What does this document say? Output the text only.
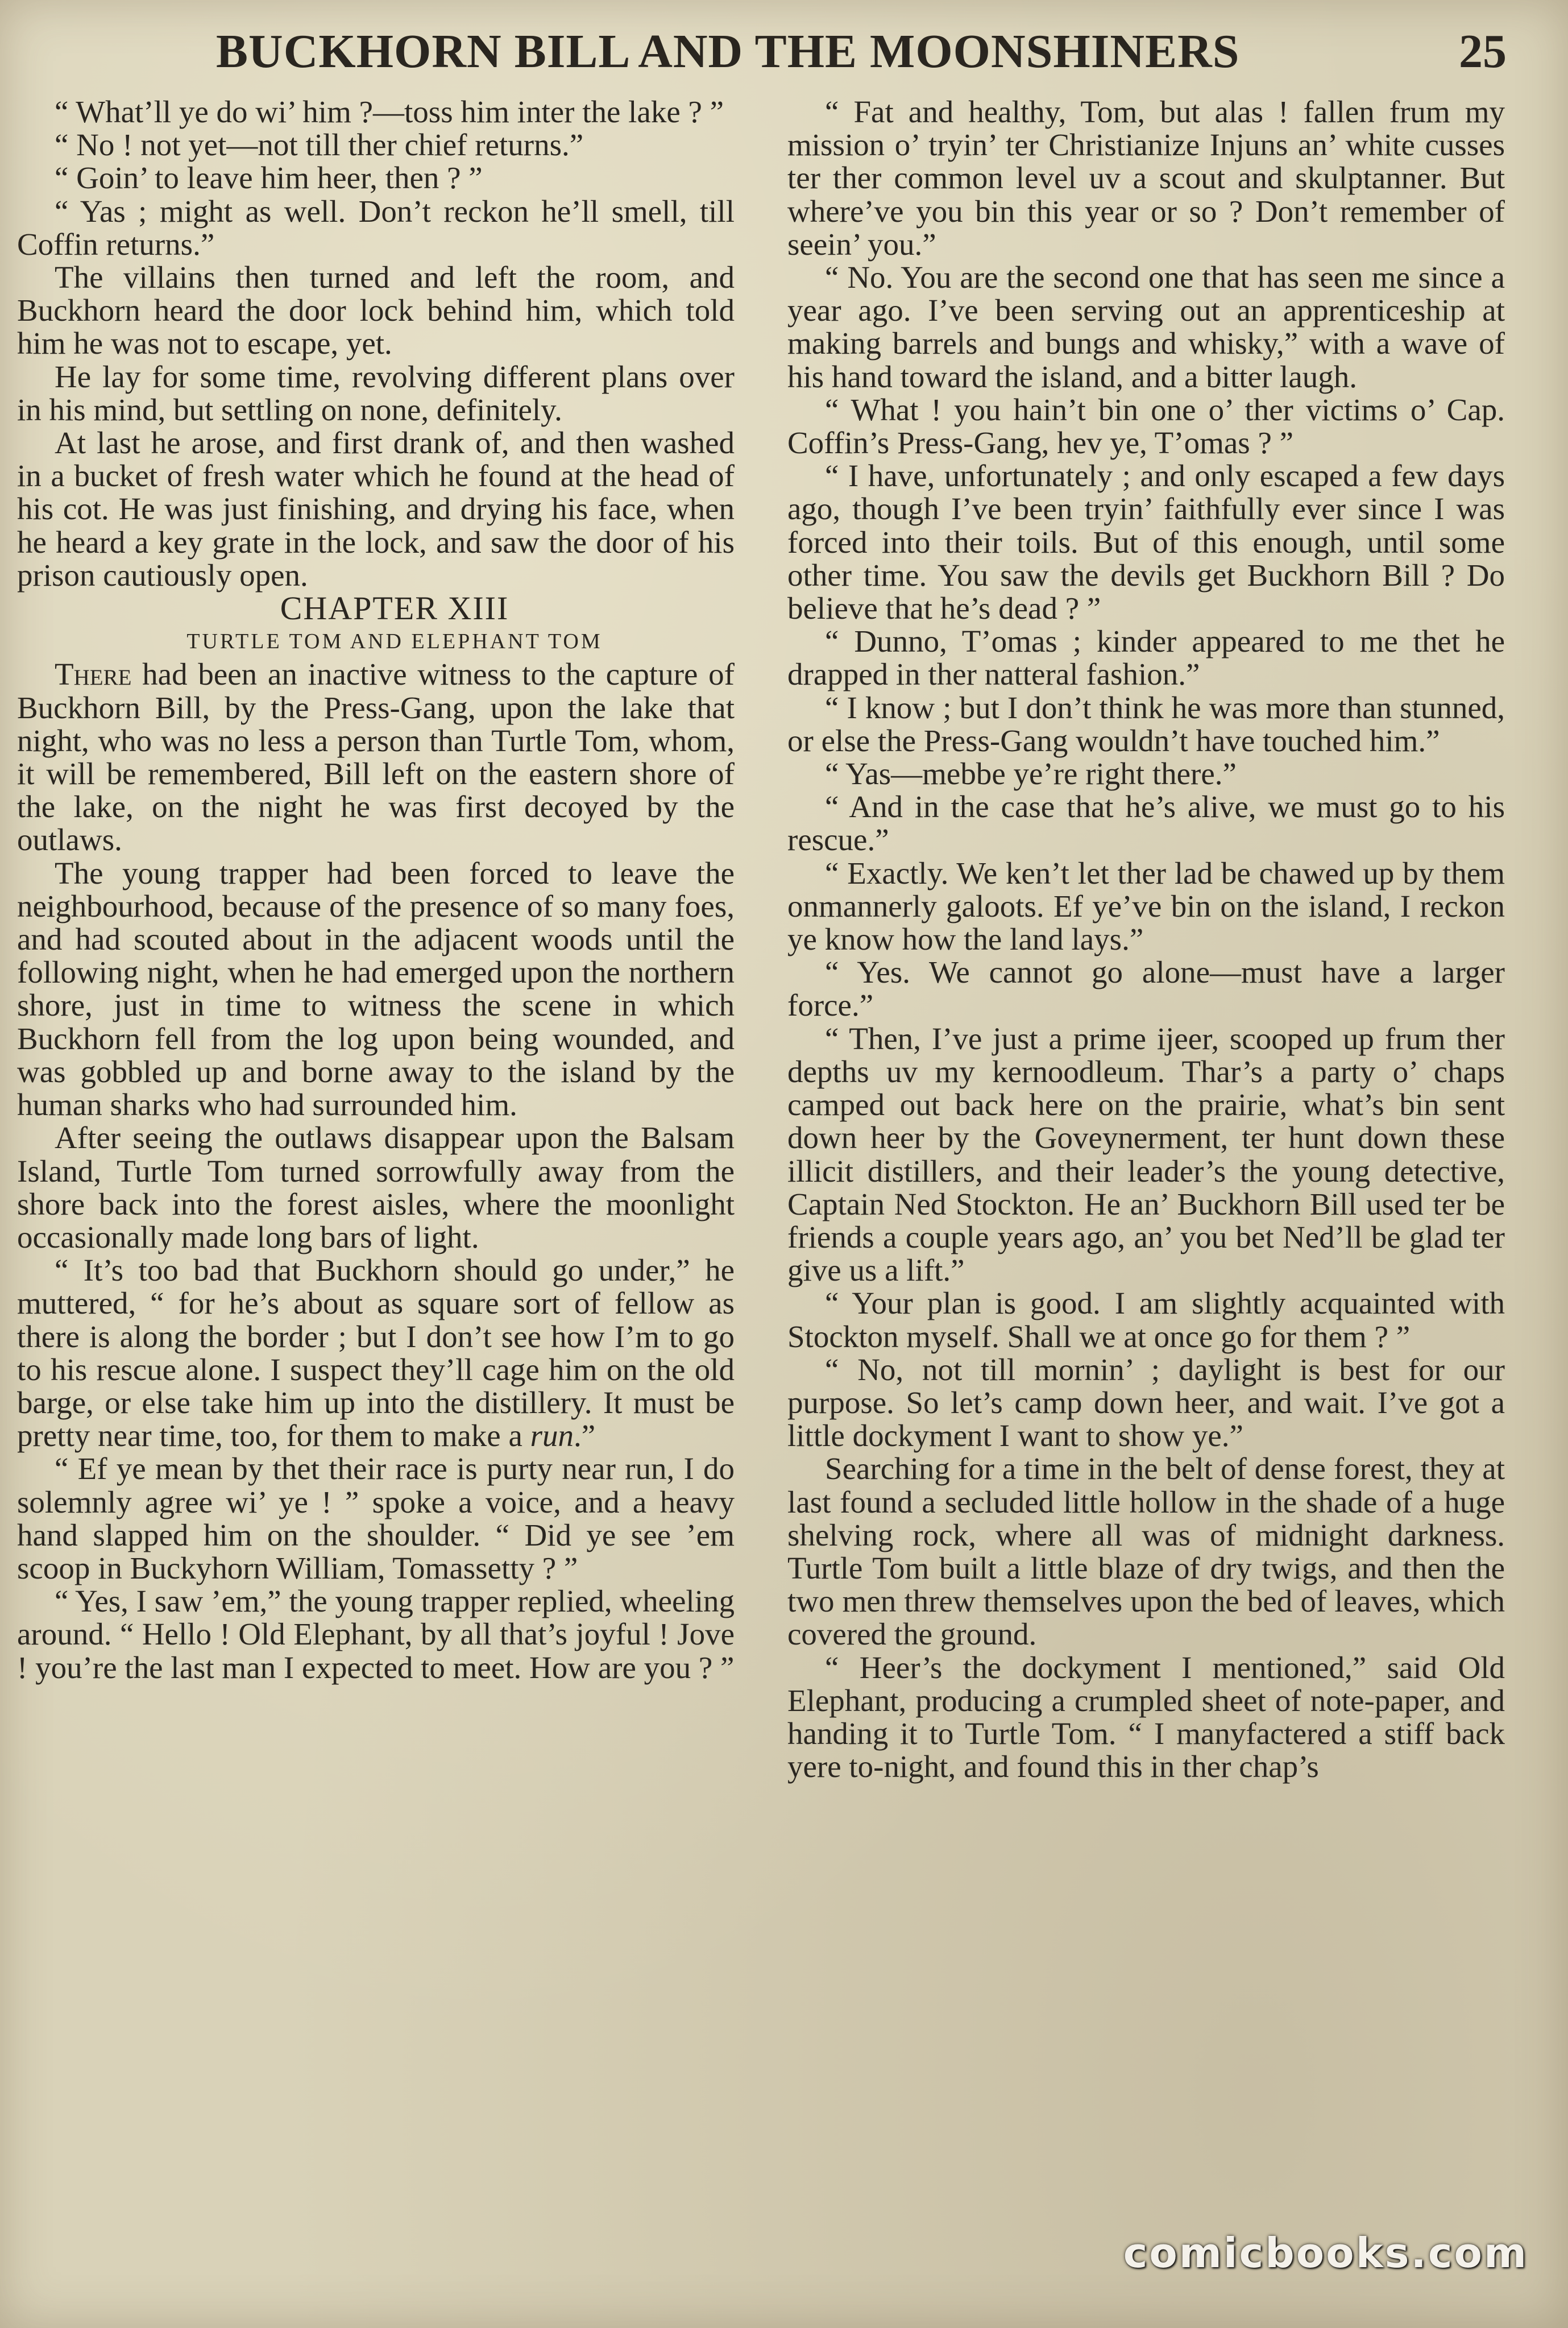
BUCKHORN BILL AND THE MOONSHINERS	25

“ What’ll ye do wi’ him ?—toss him inter the lake ? ”

“ No ! not yet—not till ther chief returns.”

“ Goin’ to leave him heer, then ? ”

“ Yas ; might as well. Don’t reckon he’ll smell, till Coffin returns.”

The villains then turned and left the room, and Buckhorn heard the door lock behind him, which told him he was not to escape, yet.

He lay for some time, revolving different plans over in his mind, but settling on none, definitely.

At last he arose, and first drank of, and then washed in a bucket of fresh water which he found at the head of his cot. He was just finishing, and drying his face, when he heard a key grate in the lock, and saw the door of his prison cautiously open.

CHAPTER XIII

TURTLE TOM AND ELEPHANT TOM

There had been an inactive witness to the capture of Buckhorn Bill, by the Press-Gang, upon the lake that night, who was no less a person than Turtle Tom, whom, it will be remembered, Bill left on the eastern shore of the lake, on the night he was first decoyed by the outlaws.

The young trapper had been forced to leave the neighbourhood, because of the presence of so many foes, and had scouted about in the adjacent woods until the following night, when he had emerged upon the northern shore, just in time to witness the scene in which Buckhorn fell from the log upon being wounded, and was gobbled up and borne away to the island by the human sharks who had surrounded him.

After seeing the outlaws disappear upon the Balsam Island, Turtle Tom turned sorrowfully away from the shore back into the forest aisles, where the moonlight occasionally made long bars of light.

“ It’s too bad that Buckhorn should go under,” he muttered, “ for he’s about as square sort of fellow as there is along the border ; but I don’t see how I’m to go to his rescue alone. I suspect they’ll cage him on the old barge, or else take him up into the distillery. It must be pretty near time, too, for them to make a run.”

“ Ef ye mean by thet their race is purty near run, I do solemnly agree wi’ ye ! ” spoke a voice, and a heavy hand slapped him on the shoulder. “ Did ye see ’em scoop in Buckyhorn William, Tomassetty ? ”

“ Yes, I saw ’em,” the young trapper replied, wheeling around. “ Hello ! Old Elephant, by all that’s joyful ! Jove ! you’re the last man I expected to meet. How are you ? ”

“ Fat and healthy, Tom, but alas ! fallen frum my mission o’ tryin’ ter Christianize Injuns an’ white cusses ter ther common level uv a scout and skulptanner. But where’ve you bin this year or so ? Don’t remember of seein’ you.”

“ No. You are the second one that has seen me since a year ago. I’ve been serving out an apprenticeship at making barrels and bungs and whisky,” with a wave of his hand toward the island, and a bitter laugh.

“ What ! you hain’t bin one o’ ther victims o’ Cap. Coffin’s Press-Gang, hev ye, T’omas ? ”

“ I have, unfortunately ; and only escaped a few days ago, though I’ve been tryin’ faithfully ever since I was forced into their toils. But of this enough, until some other time. You saw the devils get Buckhorn Bill ? Do believe that he’s dead ? ”

“ Dunno, T’omas ; kinder appeared to me thet he drapped in ther natteral fashion.”

“ I know ; but I don’t think he was more than stunned, or else the Press-Gang wouldn’t have touched him.”

“ Yas—mebbe ye’re right there.”

“ And in the case that he’s alive, we must go to his rescue.”

“ Exactly. We ken’t let ther lad be chawed up by them onmannerly galoots. Ef ye’ve bin on the island, I reckon ye know how the land lays.”

“ Yes. We cannot go alone—must have a larger force.”

“ Then, I’ve just a prime ijeer, scooped up frum ther depths uv my kernoodleum. Thar’s a party o’ chaps camped out back here on the prairie, what’s bin sent down heer by the Goveynerment, ter hunt down these illicit distillers, and their leader’s the young detective, Captain Ned Stockton. He an’ Buckhorn Bill used ter be friends a couple years ago, an’ you bet Ned’ll be glad ter give us a lift.”

“ Your plan is good. I am slightly acquainted with Stockton myself. Shall we at once go for them ? ”

“ No, not till mornin’ ; daylight is best for our purpose. So let’s camp down heer, and wait. I’ve got a little dockyment I want to show ye.”

Searching for a time in the belt of dense forest, they at last found a secluded little hollow in the shade of a huge shelving rock, where all was of midnight darkness. Turtle Tom built a little blaze of dry twigs, and then the two men threw themselves upon the bed of leaves, which covered the ground.

“ Heer’s the dockyment I mentioned,” said Old Elephant, producing a crumpled sheet of note-paper, and handing it to Turtle Tom. “ I manyfactered a stiff back yere to-night, and found this in ther chap’s

comicbooks.com
